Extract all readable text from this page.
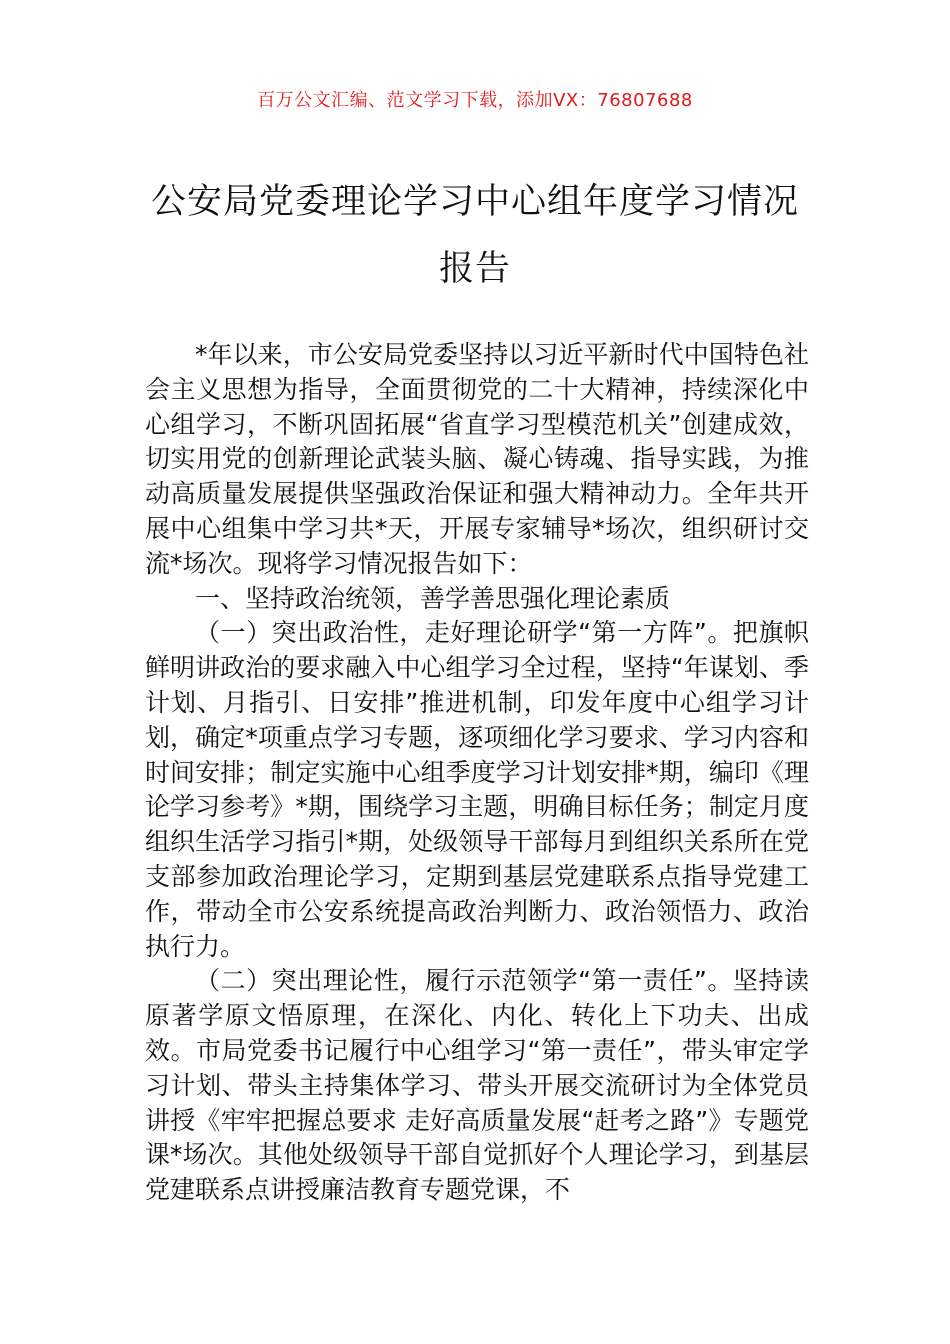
百万公文汇编、范文学习下载，添加VX：76807688
公安局党委理论学习中心组年度学习情况
报告

*年以来，市公安局党委坚持以习近平新时代中国特色社会主义思想为指导，全面贯彻党的二十大精神，持续深化中心组学习，不断巩固拓展“省直学习型模范机关”创建成效，切实用党的创新理论武装头脑、凝心铸魂、指导实践，为推动高质量发展提供坚强政治保证和强大精神动力。全年共开展中心组集中学习共*天，开展专家辅导*场次，组织研讨交流*场次。现将学习情况报告如下：

一、坚持政治统领，善学善思强化理论素质

（一）突出政治性，走好理论研学“第一方阵”。把旗帜鲜明讲政治的要求融入中心组学习全过程，坚持“年谋划、季计划、月指引、日安排”推进机制，印发年度中心组学习计划，确定*项重点学习专题，逐项细化学习要求、学习内容和时间安排；制定实施中心组季度学习计划安排*期，编印《理论学习参考》*期，围绕学习主题，明确目标任务；制定月度组织生活学习指引*期，处级领导干部每月到组织关系所在党支部参加政治理论学习，定期到基层党建联系点指导党建工作，带动全市公安系统提高政治判断力、政治领悟力、政治执行力。

（二）突出理论性，履行示范领学“第一责任”。坚持读原著学原文悟原理，在深化、内化、转化上下功夫、出成效。市局党委书记履行中心组学习“第一责任”，带头审定学习计划、带头主持集体学习、带头开展交流研讨为全体党员讲授《牢牢把握总要求 走好高质量发展“赶考之路”》专题党课*场次。其他处级领导干部自觉抓好个人理论学习，到基层党建联系点讲授廉洁教育专题党课，不
